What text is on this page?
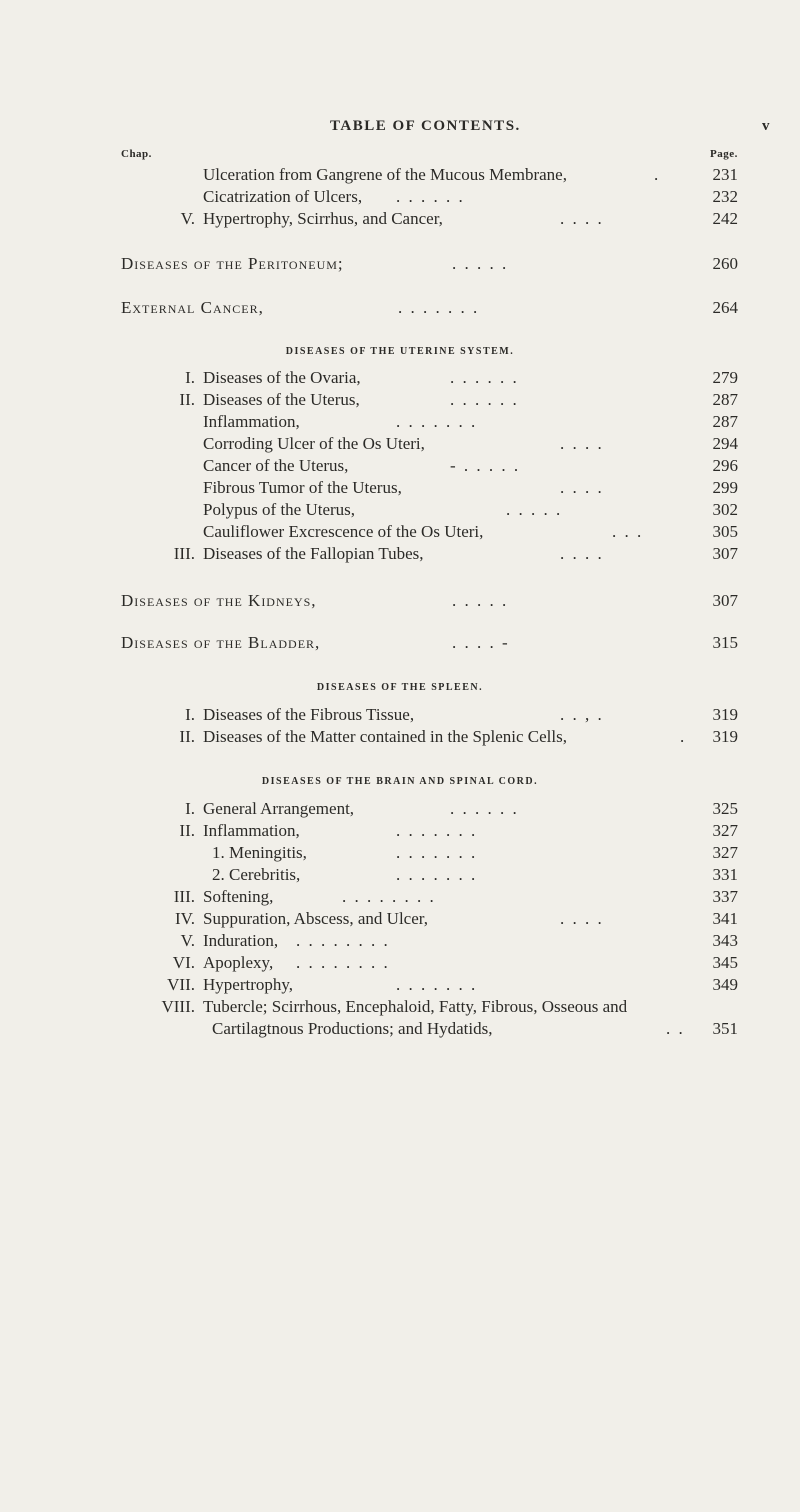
TABLE OF CONTENTS.	v
Chap.	Page.
Ulceration from Gangrene of the Mucous Membrane,	.	231
Cicatrization of Ulcers, . . . . . .	232
V. Hypertrophy, Scirrhus, and Cancer,	. . . .	242
Diseases of the Peritoneum;	. . . . .	260
External Cancer,	. . . . . . .	264
DISEASES OF THE UTERINE SYSTEM.
I. Diseases of the Ovaria,	. . . . . .	279
II. Diseases of the Uterus,	. . . . . .	287
Inflammation,	. . . . . . .	287
Corroding Ulcer of the Os Uteri,	. . . .	294
Cancer of the Uterus,	- . . . . .	296
Fibrous Tumor of the Uterus,	. . . .	299
Polypus of the Uterus,	. . . . .	302
Cauliflower Excrescence of the Os Uteri,	. . .	305
III. Diseases of the Fallopian Tubes,	. . . .	307
Diseases of the Kidneys,	. . . . .	307
Diseases of the Bladder,	. . . . -	315
DISEASES OF THE SPLEEN.
I. Diseases of the Fibrous Tissue,	. . , .	319
II. Diseases of the Matter contained in the Splenic Cells,	. 319
DISEASES OF THE BRAIN AND SPINAL CORD.
I. General Arrangement,	. . . . . .	325
II. Inflammation,	. . . . . . .	327
1. Meningitis,	. . . . . . .	327
2. Cerebritis,	. . . . . . .	331
III. Softening,	. . . . . . . .	337
IV. Suppuration, Abscess, and Ulcer,	. . . .	341
V. Induration, . . . . . . . .	343
VI. Apoplexy, . . . . . . . .	345
VII. Hypertrophy,	. . . . . . .	349
VIII. Tubercle; Scirrhous, Encephaloid, Fatty, Fibrous, Osseous and
Cartilagtnous Productions; and Hydatids,	. . 351
